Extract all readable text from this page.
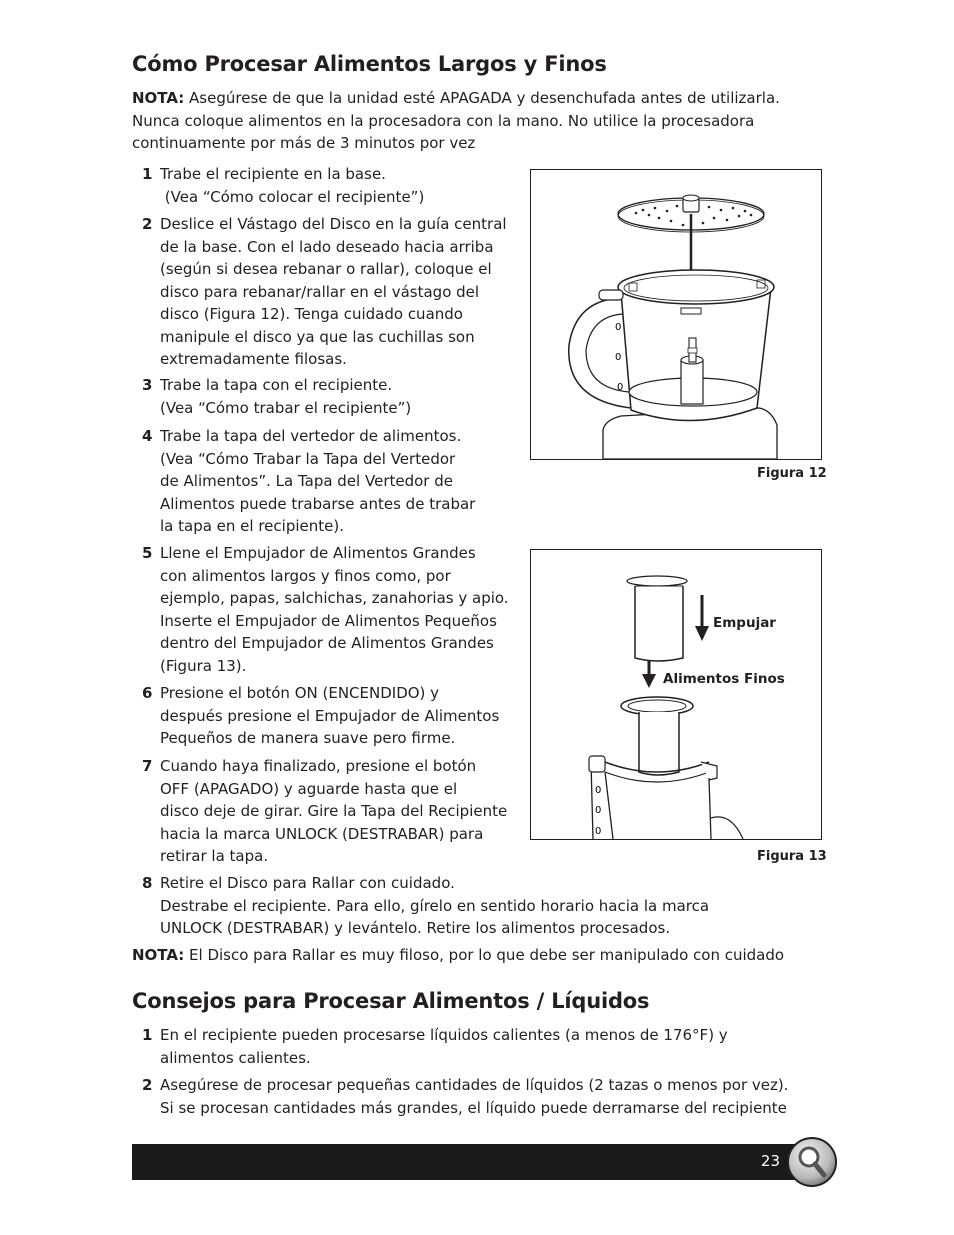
Cómo Procesar Alimentos Largos y Finos
NOTA: Asegúrese de que la unidad esté APAGADA y desenchufada antes de utilizarla.
Nunca coloque alimentos en la procesadora con la mano. No utilice la procesadora
continuamente por más de 3 minutos por vez
1 Trabe el recipiente en la base.
(Vea “Cómo colocar el recipiente”)
2 Deslice el Vástago del Disco en la guía central
de la base. Con el lado deseado hacia arriba
(según si desea rebanar o rallar), coloque el
disco para rebanar/rallar en el vástago del
disco (Figura 12). Tenga cuidado cuando
manipule el disco ya que las cuchillas son
extremadamente filosas.
3 Trabe la tapa con el recipiente.
(Vea “Cómo trabar el recipiente”)
4 Trabe la tapa del vertedor de alimentos.
(Vea “Cómo Trabar la Tapa del Vertedor
de Alimentos”. La Tapa del Vertedor de
Alimentos puede trabarse antes de trabar
la tapa en el recipiente).
5 Llene el Empujador de Alimentos Grandes
con alimentos largos y finos como, por
ejemplo, papas, salchichas, zanahorias y apio.
Inserte el Empujador de Alimentos Pequeños
dentro del Empujador de Alimentos Grandes
(Figura 13).
6 Presione el botón ON (ENCENDIDO) y
después presione el Empujador de Alimentos
Pequeños de manera suave pero firme.
7 Cuando haya finalizado, presione el botón
OFF (APAGADO) y aguarde hasta que el
disco deje de girar. Gire la Tapa del Recipiente
hacia la marca UNLOCK (DESTRABAR) para
retirar la tapa.
8 Retire el Disco para Rallar con cuidado.
Destrabe el recipiente. Para ello, gírelo en sentido horario hacia la marca
UNLOCK (DESTRABAR) y levántelo. Retire los alimentos procesados.
NOTA: El Disco para Rallar es muy filoso, por lo que debe ser manipulado con cuidado
0
0
0
Figura 12
0
0
0
Empujar
Alimentos Finos
Figura 13
Consejos para Procesar Alimentos / Líquidos
1 En el recipiente pueden procesarse líquidos calientes (a menos de 176°F) y
alimentos calientes.
2 Asegúrese de procesar pequeñas cantidades de líquidos (2 tazas o menos por vez).
Si se procesan cantidades más grandes, el líquido puede derramarse del recipiente
23
